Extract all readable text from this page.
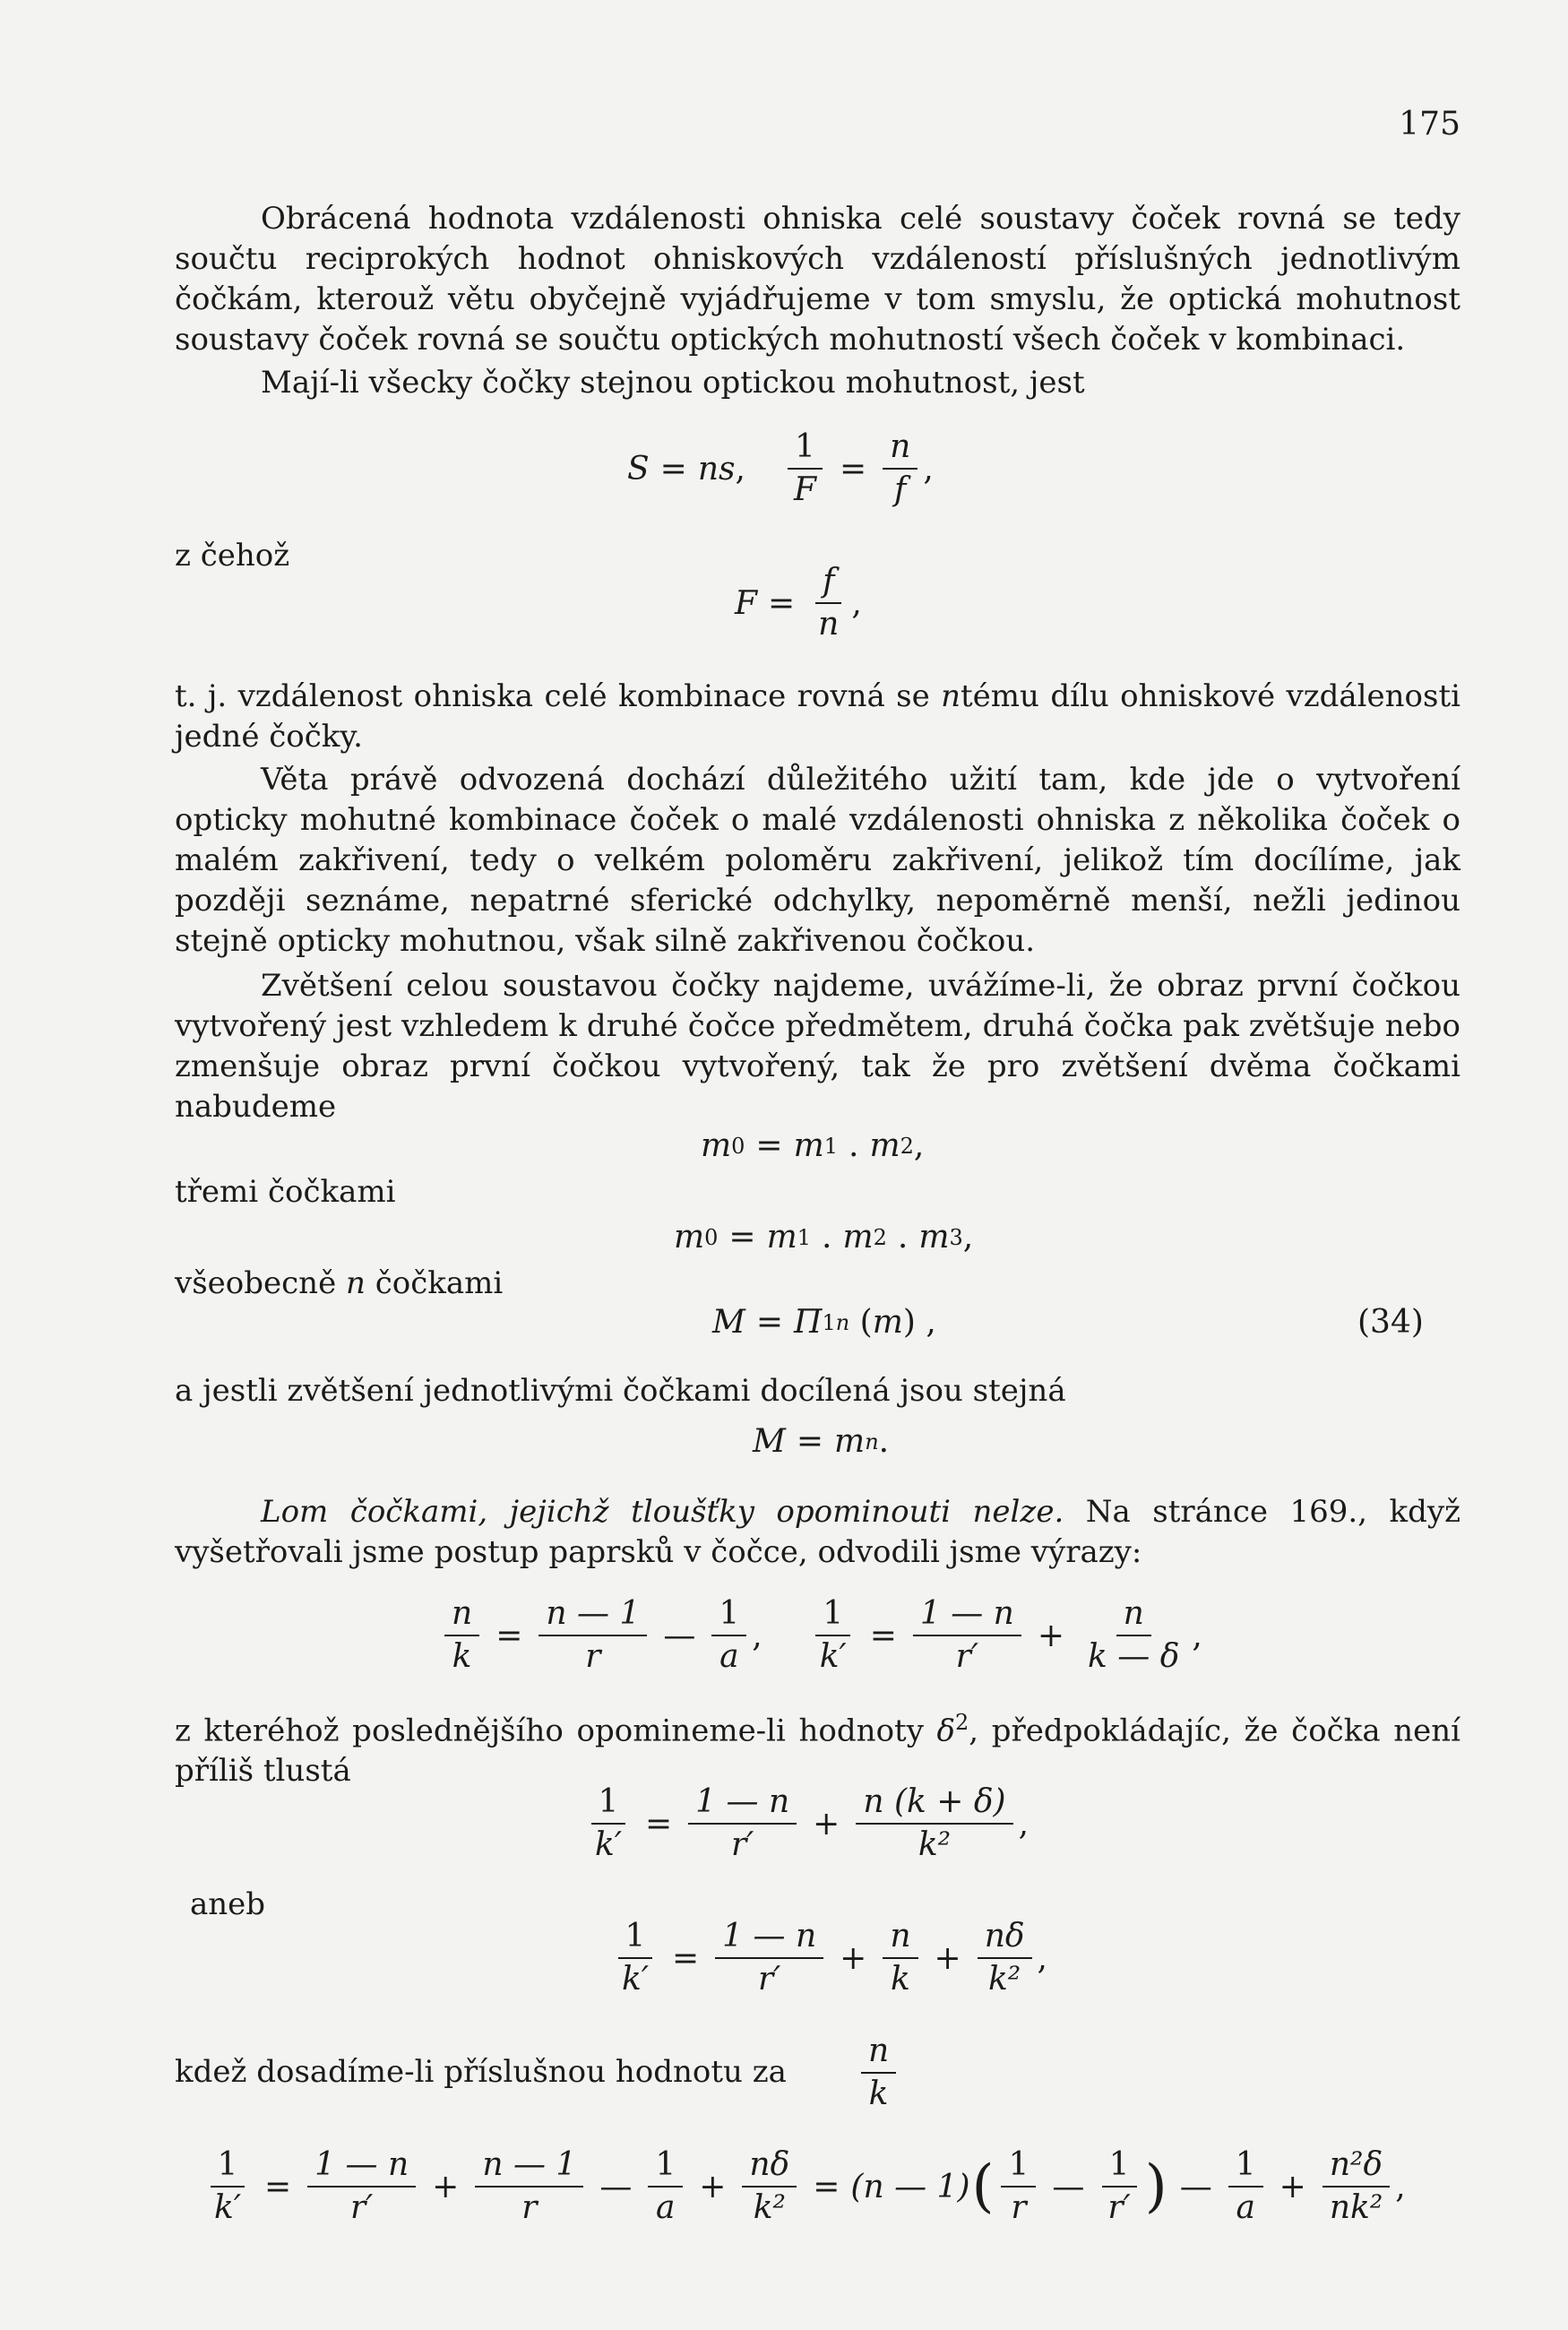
175
Obrácená hodnota vzdálenosti ohniska celé soustavy čoček rovná se tedy součtu reciprokých hodnot ohniskových vzdáleností příslušných jednotlivým čočkám, kterouž větu obyčejně vyjádřujeme v tom smyslu, že optická mohutnost soustavy čoček rovná se součtu optických mohutností všech čoček v kombinaci.
Mají-li všecky čočky stejnou optickou mohutnost, jest
S = ns , $\frac{1}{F} = \frac{n}{f}$ ,
z čehož
$F = \frac{f}{n}$ ,
t. j. vzdálenost ohniska celé kombinace rovná se ntému dílu ohniskové vzdálenosti jedné čočky.
Věta právě odvozená dochází důležitého užití tam, kde jde o vytvoření opticky mohutné kombinace čoček o malé vzdálenosti ohniska z několika čoček o malém zakřivení, tedy o velkém poloměru zakřivení, jelikož tím docílíme, jak později seznáme, nepatrné sferické odchylky, nepoměrně menší, nežli jedinou stejně opticky mohutnou, však silně zakřivenou čočkou.
Zvětšení celou soustavou čočky najdeme, uvážíme-li, že obraz první čočkou vytvořený jest vzhledem k druhé čočce předmětem, druhá čočka pak zvětšuje nebo zmenšuje obraz první čočkou vytvořený, tak že pro zvětšení dvěma čočkami nabudeme
m 0 = m 1 . m 2 ,
třemi čočkami
m 0 = m 1 . m 2 . m 3 ,
všeobecně n čočkami
M = Π 1 n ( m ) ,	(34)
a jestli zvětšení jednotlivými čočkami docílená jsou stejná
M = m n .
Lom čočkami, jejichž tloušťky opominouti nelze. Na stránce 169., když vyšetřovali jsme postup paprsků v čočce, odvodili jsme výrazy:
$\frac{n}{k} = \frac{n — 1}{r}$ — $\frac{1}{a}$ , $\frac{1}{k'} = \frac{1 — n}{r'} + \frac{n}{k — \delta}$ ,
z kteréhož poslednějšího opomineme-li hodnoty $\delta^2$, předpokládajíc, že čočka není příliš tlustá
$\frac{1}{k'} = \frac{1 — n}{r'} + \frac{n (k + \delta)}{\text{k²}}$ ,
aneb
$\frac{1}{k'} = \frac{1 — n}{r'} + \frac{n}{k} + \frac{n\delta}{\text{k²}}$ ,
kdež dosadíme-li příslušnou hodnotu za $\frac{n}{k}$
$\frac{1}{k'} = \frac{1 — n}{r'} + \frac{n — 1}{r}$ — $\frac{1}{a} + \frac{n\delta}{\text{k²}} = (n$ — 1) ( $\frac{1}{r}$ — $\frac{1}{r'}$ ) — $\frac{1}{a} + \frac{\text{n²δ}}{\text{nk²}}$ ,
